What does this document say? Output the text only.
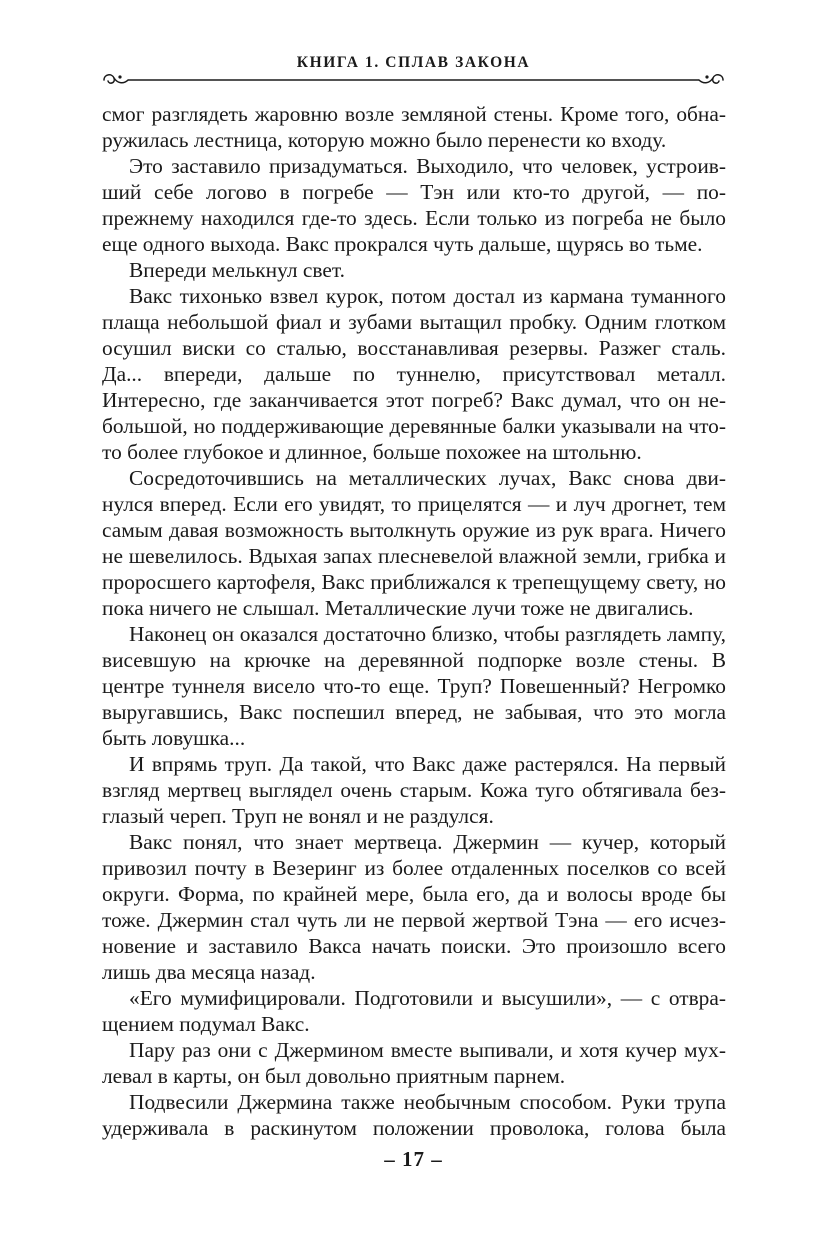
КНИГА 1. СПЛАВ ЗАКОНА

смог разглядеть жаровню возле земляной стены. Кроме того, обнаружилась лестница, которую можно было перенести ко входу.

Это заставило призадуматься. Выходило, что человек, устроивший себе логово в погребе — Тэн или кто-то другой, — попрежнему находился где-то здесь. Если только из погреба не было еще одного выхода. Вакс прокрался чуть дальше, щурясь во тьме.

Впереди мелькнул свет.

Вакс тихонько взвел курок, потом достал из кармана туманного плаща небольшой фиал и зубами вытащил пробку. Одним глотком осушил виски со сталью, восстанавливая резервы. Разжег сталь. Да... впереди, дальше по туннелю, присутствовал металл. Интересно, где заканчивается этот погреб? Вакс думал, что он небольшой, но поддерживающие деревянные балки указывали на что-то более глубокое и длинное, больше похожее на штольню.

Сосредоточившись на металлических лучах, Вакс снова двинулся вперед. Если его увидят, то прицелятся — и луч дрогнет, тем самым давая возможность вытолкнуть оружие из рук врага. Ничего не шевелилось. Вдыхая запах плесневелой влажной земли, грибка и проросшего картофеля, Вакс приближался к трепещущему свету, но пока ничего не слышал. Металлические лучи тоже не двигались.

Наконец он оказался достаточно близко, чтобы разглядеть лампу, висевшую на крючке на деревянной подпорке возле стены. В центре туннеля висело что-то еще. Труп? Повешенный? Негромко выругавшись, Вакс поспешил вперед, не забывая, что это могла быть ловушка...

И впрямь труп. Да такой, что Вакс даже растерялся. На первый взгляд мертвец выглядел очень старым. Кожа туго обтягивала безглазый череп. Труп не вонял и не раздулся.

Вакс понял, что знает мертвеца. Джермин — кучер, который привозил почту в Везеринг из более отдаленных поселков со всей округи. Форма, по крайней мере, была его, да и волосы вроде бы тоже. Джермин стал чуть ли не первой жертвой Тэна — его исчезновение и заставило Вакса начать поиски. Это произошло всего лишь два месяца назад.

«Его мумифицировали. Подготовили и высушили», — с отвращением подумал Вакс.

Пару раз они с Джермином вместе выпивали, и хотя кучер мухлевал в карты, он был довольно приятным парнем.

Подвесили Джермина также необычным способом. Руки трупа удерживала в раскинутом положении проволока, голова была

– 17 –
